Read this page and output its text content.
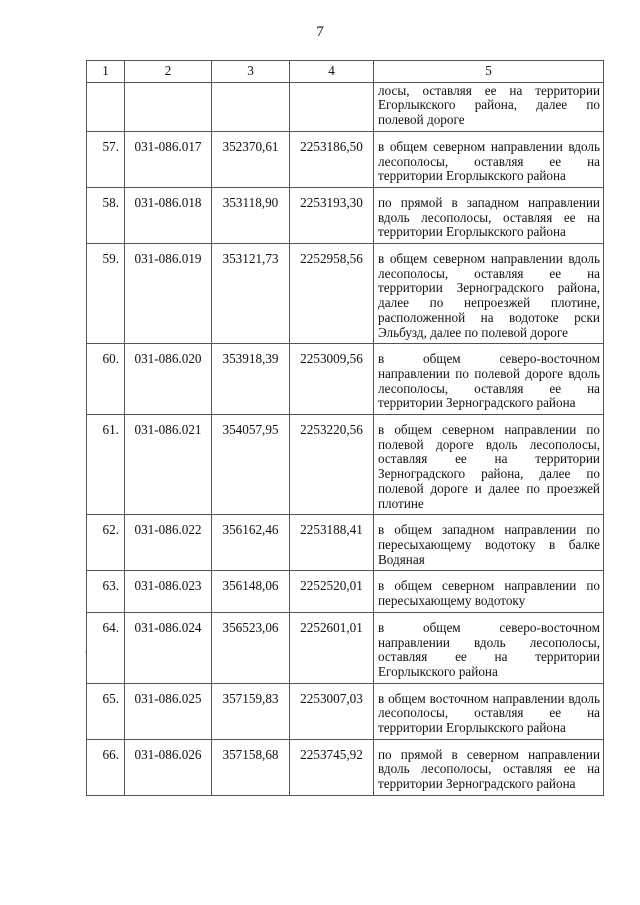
7
1	2	3	4	5
				лосы, оставляя ее на территории Егорлыкского района, далее по полевой дороге
57.	031-086.017	352370,61	2253186,50	в общем северном направлении вдоль лесополосы, оставляя ее на территории Егорлыкского района
58.	031-086.018	353118,90	2253193,30	по прямой в западном направлении вдоль лесополосы, оставляя ее на территории Егорлыкского района
59.	031-086.019	353121,73	2252958,56	в общем северном направлении вдоль лесополосы, оставляя ее на территории Зерноградского района, далее по непроезжей плотине, расположенной на водотоке рски Эльбузд, далее по полевой дороге
60.	031-086.020	353918,39	2253009,56	в общем северо-восточном направлении по полевой дороге вдоль лесополосы, оставляя ее на территории Зерноградского района
61.	031-086.021	354057,95	2253220,56	в общем северном направлении по полевой дороге вдоль лесополосы, оставляя ее на территории Зерноградского района, далее по полевой дороге и далее по проезжей плотине
62.	031-086.022	356162,46	2253188,41	в общем западном направлении по пересыхающему водотоку в балке Водяная
63.	031-086.023	356148,06	2252520,01	в общем северном направлении по пересыхающему водотоку
64.	031-086.024	356523,06	2252601,01	в общем северо-восточном направлении вдоль лесополосы, оставляя ее на территории Егорлыкского района
65.	031-086.025	357159,83	2253007,03	в общем восточном направлении вдоль лесополосы, оставляя ее на территории Егорлыкского района
66.	031-086.026	357158,68	2253745,92	по прямой в северном направлении вдоль лесополосы, оставляя ее на территории Зерноградского района
·
